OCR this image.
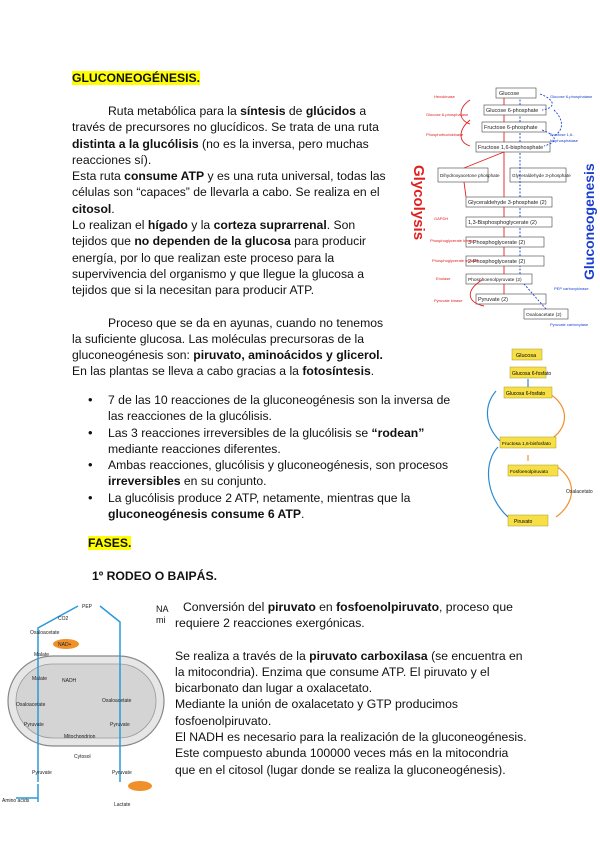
GLUCONEOGÉNESIS.

Ruta metabólica para la síntesis de glúcidos a través de precursores no glucídicos. Se trata de una ruta distinta a la glucólisis (no es la inversa, pero muchas reacciones sí).

Esta ruta consume ATP y es una ruta universal, todas las células son “capaces” de llevarla a cabo. Se realiza en el citosol.

Lo realizan el hígado y la corteza suprarrenal. Son tejidos que no dependen de la glucosa para producir energía, por lo que realizan este proceso para la supervivencia del organismo y que llegue la glucosa a tejidos que si la necesitan para producir ATP.

Proceso que se da en ayunas, cuando no tenemos la suficiente glucosa. Las moléculas precursoras de la gluconeogénesis son: piruvato, aminoácidos y glicerol. En las plantas se lleva a cabo gracias a la fotosíntesis.

• 7 de las 10 reacciones de la gluconeogénesis son la inversa de las reacciones de la glucólisis.
• Las 3 reacciones irreversibles de la glucólisis se “rodean” mediante reacciones diferentes.
• Ambas reacciones, glucólisis y gluconeogénesis, son procesos irreversibles en su conjunto.
• La glucólisis produce 2 ATP, netamente, mientras que la gluconeogénesis consume 6 ATP.
FASES.
1º RODEO O BAIPÁS.

Conversión del piruvato en fosfoenolpiruvato, proceso que requiere 2 reacciones exergónicas.

Se realiza a través de la piruvato carboxilasa (se encuentra en la mitocondria). Enzima que consume ATP. El piruvato y el bicarbonato dan lugar a oxalacetato.

Mediante la unión de oxalacetato y GTP producimos fosfoenolpiruvato.

El NADH es necesario para la realización de la gluconeogénesis. Este compuesto abunda 100000 veces más en la mitocondria que en el citosol (lugar donde se realiza la gluconeogénesis).

NA
mi
Glycolysis	Gluconeogenesis
Glucose
Glucose 6-phosphate
Fructose 6-phosphate
Fructose 1,6-bisphosphate
Dihydroxyacetone phosphate	Glyceraldehyde 3-phosphate
Glyceraldehyde 3-phosphate (2)
1,3-Bisphosphoglycerate (2)
3-Phosphoglycerate (2)
2-Phosphoglycerate (2)
Phosphoenolpyruvate (2)
Pyruvate (2)
Oxaloacetate (2)
Hexokinase
Glucose 6-phosphatase
Phosphofructokinase
GAPDH
Phosphoglycerate kinase
Phosphoglycerate mutase
Enolase
Pyruvate kinase
Glucose 6-phosphatase
Fructose 1,6-
bisphosphatase
PEP carboxykinase
Pyruvate carboxylase
Glucosa
Glucosa 6-fosfato
Glucosa 6-fosfato
Fructosa 1,6-bisfosfato
Fosfoenolpiruvato
Piruvato
Oxalacetato
PEP
CO2
Oxaloacetate
Malate
NAD+
NADH
Malate
Oxaloacetate
Oxaloacetate
Pyruvate	Pyruvate
Mitochondrion
Cytosol
Pyruvate	Pyruvate
Lactate
Amino acids
